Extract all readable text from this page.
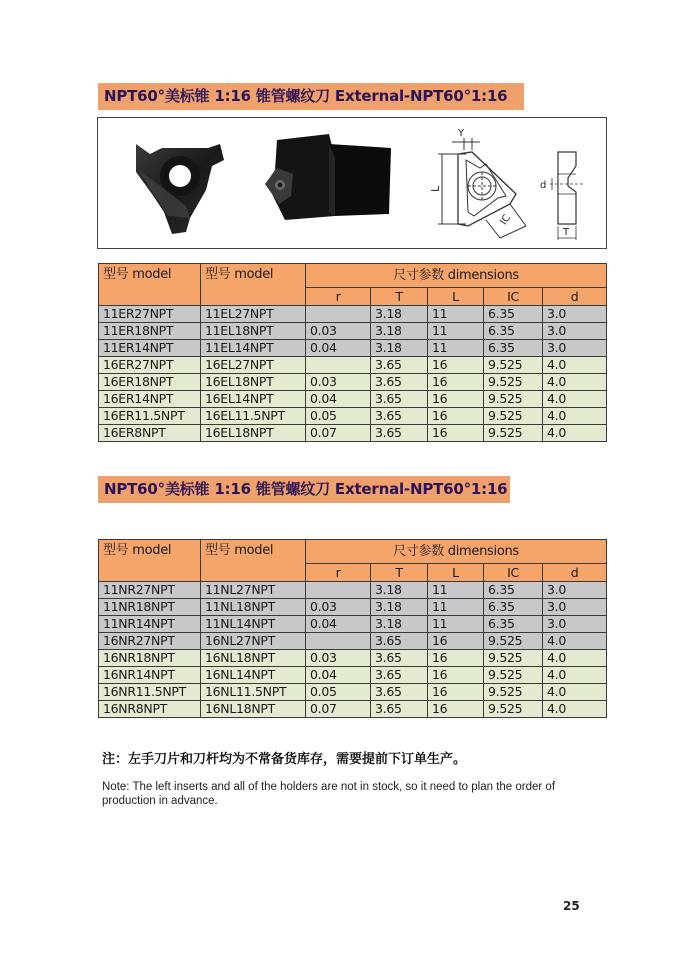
NPT60°美标锥 1:16 锥管螺纹刀 External-NPT60°1:16
Y
L
IC
d
T
型号 model	型号 model	尺寸参数 dimensions				
		r	T	L	IC	d
11ER27NPT	11EL27NPT		3.18	11	6.35	3.0
11ER18NPT	11EL18NPT	0.03	3.18	11	6.35	3.0
11ER14NPT	11EL14NPT	0.04	3.18	11	6.35	3.0
16ER27NPT	16EL27NPT		3.65	16	9.525	4.0
16ER18NPT	16EL18NPT	0.03	3.65	16	9.525	4.0
16ER14NPT	16EL14NPT	0.04	3.65	16	9.525	4.0
16ER11.5NPT	16EL11.5NPT	0.05	3.65	16	9.525	4.0
16ER8NPT	16EL18NPT	0.07	3.65	16	9.525	4.0
NPT60°美标锥 1:16 锥管螺纹刀 External-NPT60°1:16
型号 model	型号 model	尺寸参数 dimensions				
		r	T	L	IC	d
11NR27NPT	11NL27NPT		3.18	11	6.35	3.0
11NR18NPT	11NL18NPT	0.03	3.18	11	6.35	3.0
11NR14NPT	11NL14NPT	0.04	3.18	11	6.35	3.0
16NR27NPT	16NL27NPT		3.65	16	9.525	4.0
16NR18NPT	16NL18NPT	0.03	3.65	16	9.525	4.0
16NR14NPT	16NL14NPT	0.04	3.65	16	9.525	4.0
16NR11.5NPT	16NL11.5NPT	0.05	3.65	16	9.525	4.0
16NR8NPT	16NL18NPT	0.07	3.65	16	9.525	4.0
注：左手刀片和刀杆均为不常备货库存，需要提前下订单生产。
Note: The left inserts and all of the holders are not in stock, so it need to plan the order of production in advance.
25
